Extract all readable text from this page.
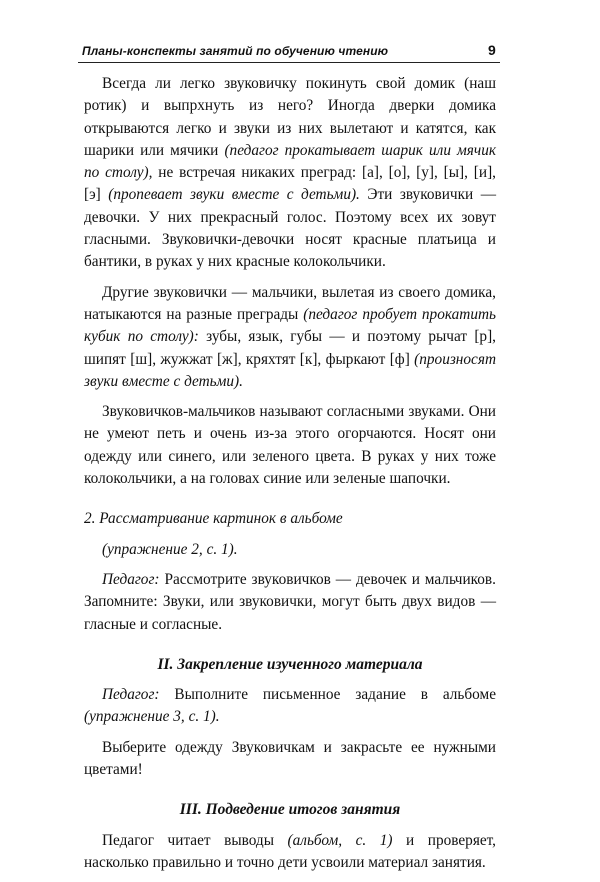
Планы-конспекты занятий по обучению чтению	9

Всегда ли легко звуковичку покинуть свой домик (наш ротик) и выпрхнуть из него? Иногда дверки домика открываются легко и звуки из них вылетают и катятся, как шарики или мячики (педагог прокатывает шарик или мячик по столу), не встречая никаких преград: [а], [о], [у], [ы], [и], [э] (пропевает звуки вместе с детьми). Эти звуковички — девочки. У них прекрасный голос. Поэтому всех их зовут гласными. Звуковички-девочки носят красные платьица и бантики, в руках у них красные колокольчики.

Другие звуковички — мальчики, вылетая из своего домика, натыкаются на разные преграды (педагог пробует прокатить кубик по столу): зубы, язык, губы — и поэтому рычат [р], шипят [ш], жужжат [ж], кряхтят [к], фыркают [ф] (произносят звуки вместе с детьми).

Звуковичков-мальчиков называют согласными звуками. Они не умеют петь и очень из-за этого огорчаются. Носят они одежду или синего, или зеленого цвета. В руках у них тоже колокольчики, а на головах синие или зеленые шапочки.

2. Рассматривание картинок в альбоме

(упражнение 2, с. 1).

Педагог: Рассмотрите звуковичков — девочек и мальчиков. Запомните: Звуки, или звуковички, могут быть двух видов — гласные и согласные.

II. Закрепление изученного материала

Педагог: Выполните письменное задание в альбоме (упражнение 3, с. 1).

Выберите одежду Звуковичкам и закрасьте ее нужными цветами!

III. Подведение итогов занятия

Педагог читает выводы (альбом, с. 1) и проверяет, насколько правильно и точно дети усвоили материал занятия.
